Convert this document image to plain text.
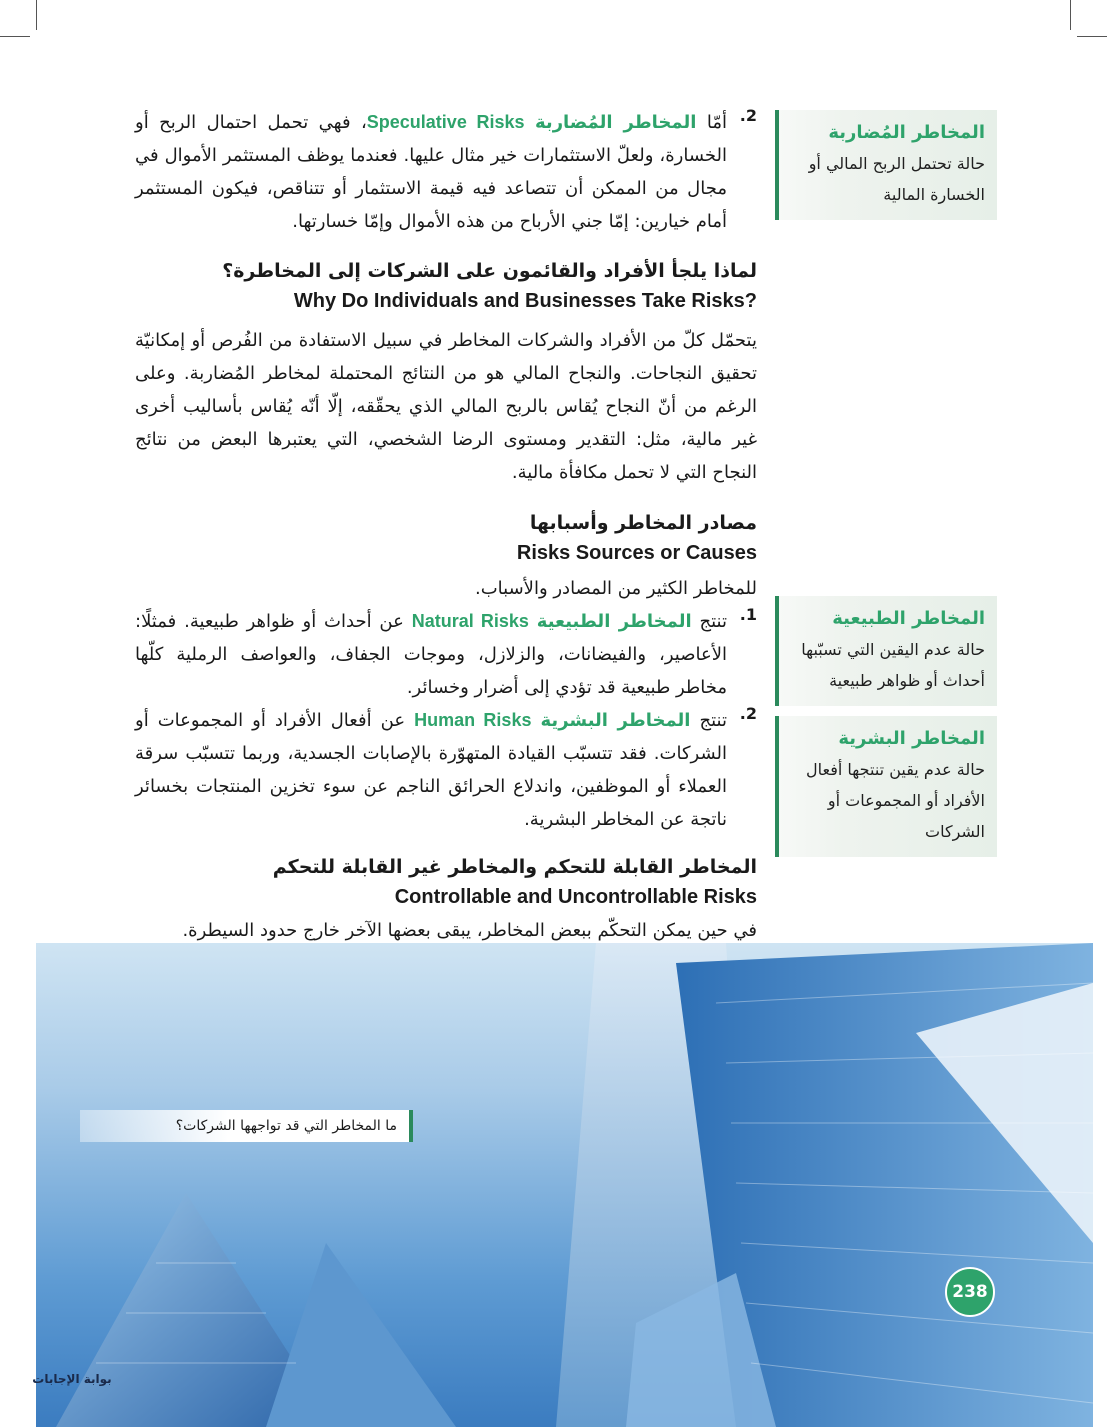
2.

أمّا المخاطر المُضاربة Speculative Risks، فهي تحمل احتمال الربح أو الخسارة، ولعلّ الاستثمارات خير مثال عليها. فعندما يوظف المستثمر الأموال في مجال من الممكن أن تتصاعد فيه قيمة الاستثمار أو تتناقص، فيكون المستثمر أمام خيارين: إمّا جني الأرباح من هذه الأموال وإمّا خسارتها.

لماذا يلجأ الأفراد والقائمون على الشركات إلى المخاطرة؟
Why Do Individuals and Businesses Take Risks?

يتحمّل كلّ من الأفراد والشركات المخاطر في سبيل الاستفادة من الفُرص أو إمكانيّة تحقيق النجاحات. والنجاح المالي هو من النتائج المحتملة لمخاطر المُضاربة. وعلى الرغم من أنّ النجاح يُقاس بالربح المالي الذي يحقّقه، إلّا أنّه يُقاس بأساليب أخرى غير مالية، مثل: التقدير ومستوى الرضا الشخصي، التي يعتبرها البعض من نتائج النجاح التي لا تحمل مكافأة مالية.

مصادر المخاطر وأسبابها
Risks Sources or Causes

للمخاطر الكثير من المصادر والأسباب.

1.

تنتج المخاطر الطبيعية Natural Risks عن أحداث أو ظواهر طبيعية. فمثلًا: الأعاصير، والفيضانات، والزلازل، وموجات الجفاف، والعواصف الرملية كلّها مخاطر طبيعية قد تؤدي إلى أضرار وخسائر.

2.

تنتج المخاطر البشرية Human Risks عن أفعال الأفراد أو المجموعات أو الشركات. فقد تتسبّب القيادة المتهوّرة بالإصابات الجسدية، وربما تتسبّب سرقة العملاء أو الموظفين، واندلاع الحرائق الناجم عن سوء تخزين المنتجات بخسائر ناتجة عن المخاطر البشرية.

المخاطر القابلة للتحكم والمخاطر غير القابلة للتحكم
Controllable and Uncontrollable Risks

في حين يمكن التحكّم ببعض المخاطر، يبقى بعضها الآخر خارج حدود السيطرة.

المخاطر المُضاربة
حالة تحتمل الربح المالي أو الخسارة المالية
المخاطر الطبيعية
حالة عدم اليقين التي تسبّبها أحداث أو ظواهر طبيعية
المخاطر البشرية
حالة عدم يقين تنتجها أفعال الأفراد أو المجموعات أو الشركات
ما المخاطر التي قد تواجهها الشركات؟
238
بوابة الإجابات
